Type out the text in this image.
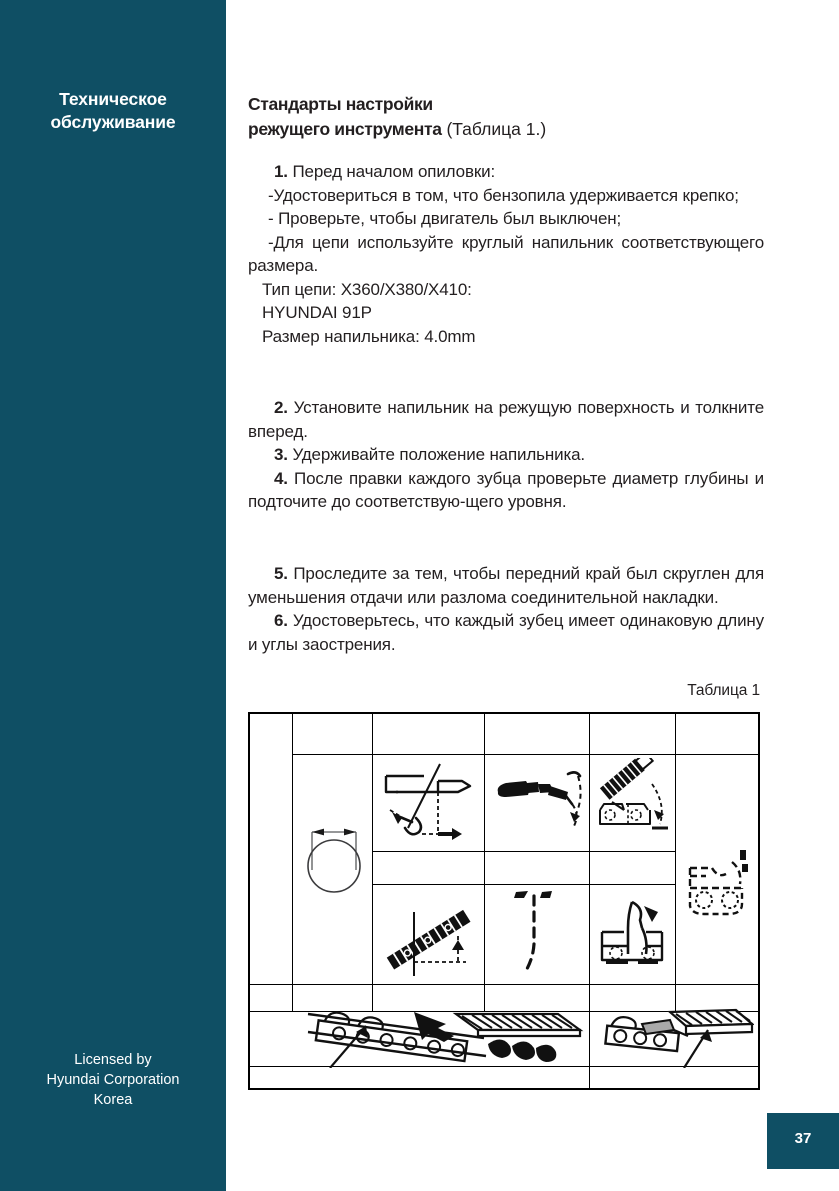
Техническое
обслуживание
Licensed by
Hyundai Corporation
Korea
37
Стандарты настройки
режущего инструмента (Таблица 1.)

1. Перед началом опиловки:

-Удостовериться в том, что бензопила удерживается крепко;

- Проверьте, чтобы двигатель был выключен;

-Для цепи используйте круглый напильник соответствующего размера.

Тип цепи: X360/X380/X410:

HYUNDAI 91P

Размер напильника: 4.0mm

2. Установите напильник на режущую поверхность и толкните вперед.

3. Удерживайте положение напильника.

4. После правки каждого зубца проверьте диаметр глубины и подточите до соответствую-щего уровня.

5. Проследите за тем, чтобы передний край был скруглен для уменьшения отдачи или разлома соединительной накладки.

6. Удостоверьтесь, что каждый зубец имеет одинаковую длину и углы заострения.

Таблица 1
